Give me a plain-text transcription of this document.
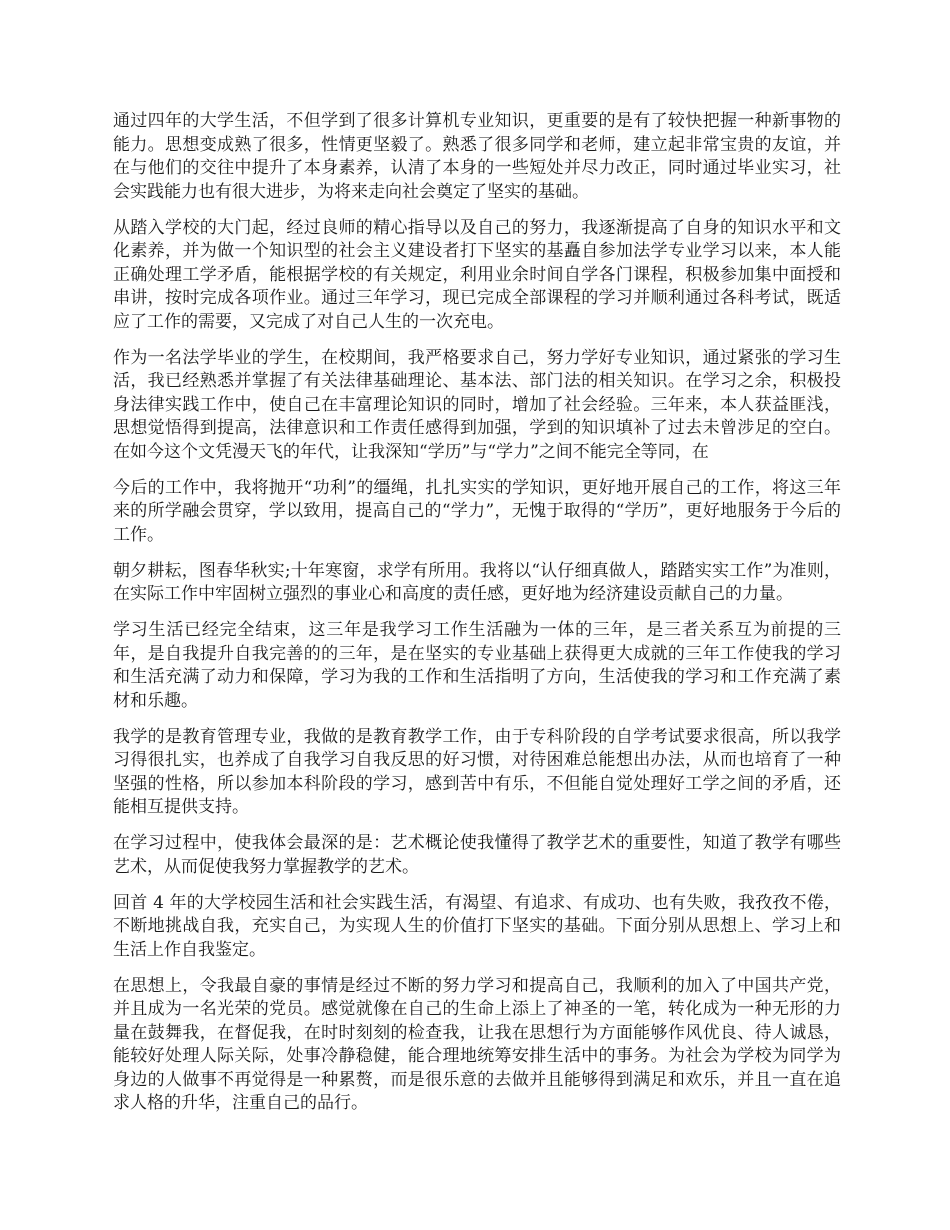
通过四年的大学生活，不但学到了很多计算机专业知识，更重要的是有了较快把握一种新事物的能力。思想变成熟了很多，性情更坚毅了。熟悉了很多同学和老师，建立起非常宝贵的友谊，并在与他们的交往中提升了本身素养，认清了本身的一些短处并尽力改正，同时通过毕业实习，社会实践能力也有很大进步，为将来走向社会奠定了坚实的基础。

从踏入学校的大门起，经过良师的精心指导以及自己的努力，我逐渐提高了自身的知识水平和文化素养，并为做一个知识型的社会主义建设者打下坚实的基矗自参加法学专业学习以来，本人能正确处理工学矛盾，能根据学校的有关规定，利用业余时间自学各门课程，积极参加集中面授和串讲，按时完成各项作业。通过三年学习，现已完成全部课程的学习并顺利通过各科考试，既适应了工作的需要，又完成了对自己人生的一次充电。

作为一名法学毕业的学生，在校期间，我严格要求自己，努力学好专业知识，通过紧张的学习生活，我已经熟悉并掌握了有关法律基础理论、基本法、部门法的相关知识。在学习之余，积极投身法律实践工作中，使自己在丰富理论知识的同时，增加了社会经验。三年来，本人获益匪浅，思想觉悟得到提高，法律意识和工作责任感得到加强，学到的知识填补了过去未曾涉足的空白。在如今这个文凭漫天飞的年代，让我深知“学历”与“学力”之间不能完全等同，在

今后的工作中，我将抛开“功利”的缰绳，扎扎实实的学知识，更好地开展自己的工作，将这三年来的所学融会贯穿，学以致用，提高自己的“学力”，无愧于取得的“学历”，更好地服务于今后的工作。

朝夕耕耘，图春华秋实;十年寒窗，求学有所用。我将以“认仔细真做人，踏踏实实工作”为准则，在实际工作中牢固树立强烈的事业心和高度的责任感，更好地为经济建设贡献自己的力量。

学习生活已经完全结束，这三年是我学习工作生活融为一体的三年，是三者关系互为前提的三年，是自我提升自我完善的的三年，是在坚实的专业基础上获得更大成就的三年工作使我的学习和生活充满了动力和保障，学习为我的工作和生活指明了方向，生活使我的学习和工作充满了素材和乐趣。

我学的是教育管理专业，我做的是教育教学工作，由于专科阶段的自学考试要求很高，所以我学习得很扎实，也养成了自我学习自我反思的好习惯，对待困难总能想出办法，从而也培育了一种坚强的性格，所以参加本科阶段的学习，感到苦中有乐，不但能自觉处理好工学之间的矛盾，还能相互提供支持。

在学习过程中，使我体会最深的是：艺术概论使我懂得了教学艺术的重要性，知道了教学有哪些艺术，从而促使我努力掌握教学的艺术。

回首 4 年的大学校园生活和社会实践生活，有渴望、有追求、有成功、也有失败，我孜孜不倦，不断地挑战自我，充实自己，为实现人生的价值打下坚实的基础。下面分别从思想上、学习上和生活上作自我鉴定。

在思想上，令我最自豪的事情是经过不断的努力学习和提高自己，我顺利的加入了中国共产党，并且成为一名光荣的党员。感觉就像在自己的生命上添上了神圣的一笔，转化成为一种无形的力量在鼓舞我，在督促我，在时时刻刻的检查我，让我在思想行为方面能够作风优良、待人诚恳，能较好处理人际关际，处事冷静稳健，能合理地统筹安排生活中的事务。为社会为学校为同学为身边的人做事不再觉得是一种累赘，而是很乐意的去做并且能够得到满足和欢乐，并且一直在追求人格的升华，注重自己的品行。
